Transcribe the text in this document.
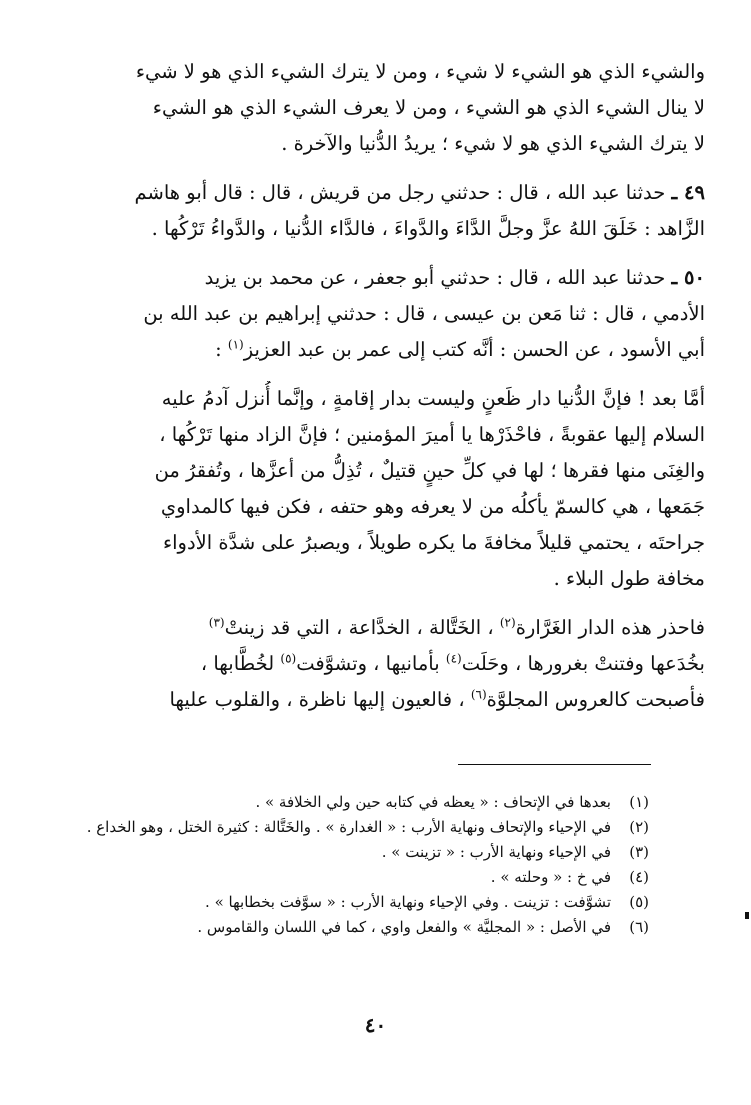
والشيء الذي هو الشيء لا شيء ، ومن لا يترك الشيء الذي هو لا شيء
لا ينال الشيء الذي هو الشيء ، ومن لا يعرف الشيء الذي هو الشيء
لا يترك الشيء الذي هو لا شيء ؛ يريدُ الدُّنيا والآخرة .
٤٩ ـ حدثنا عبد الله ، قال : حدثني رجل من قريش ، قال : قال أبو هاشم
الزَّاهد : خَلَقَ اللهُ عزَّ وجلَّ الدَّاءَ والدَّواءَ ، فالدَّاء الدُّنيا ، والدَّواءُ تَرْكُها .
٥٠ ـ حدثنا عبد الله ، قال : حدثني أبو جعفر ، عن محمد بن يزيد
الأدمي ، قال : ثنا مَعن بن عيسى ، قال : حدثني إبراهيم بن عبد الله بن
أبي الأسود ، عن الحسن : أنَّه كتب إلى عمر بن عبد العزيز$^{(١)}$ :
أمَّا بعد ! فإنَّ الدُّنيا دار ظَعنٍ وليست بدار إقامةٍ ، وإنَّما أُنزل آدمُ عليه
السلام إليها عقوبةً ، فاحْذَرْها يا أميرَ المؤمنين ؛ فإنَّ الزاد منها تَرْكُها ،
والغِنَى منها فقرها ؛ لها في كلِّ حينٍ قتيلٌ ، تُذِلُّ من أعزَّها ، وتُفقرُ من
جَمَعها ، هي كالسمّ يأكلُه من لا يعرفه وهو حتفه ، فكن فيها كالمداوي
جراحتَه ، يحتمي قليلاً مخافةَ ما يكره طويلاً ، ويصبرُ على شدَّة الأدواء
مخافة طول البلاء .
فاحذر هذه الدار الغَرَّارة$^{(٢)}$ ، الخَتَّالة ، الخدَّاعة ، التي قد زينتْ$^{(٣)}$
بخُدَعها وفتنتْ بغرورها ، وحَلَت$^{(٤)}$ بأمانيها ، وتشوَّفت$^{(٥)}$ لخُطَّابها ،
فأصبحت كالعروس المجلوَّة$^{(٦)}$ ، فالعيون إليها ناظرة ، والقلوب عليها
(١)
بعدها في الإتحاف : « يعظه في كتابه حين ولي الخلافة » .
(٢)
في الإحياء والإتحاف ونهاية الأرب : « الغدارة » . والخَتَّالة : كثيرة الختل ، وهو الخداع .
(٣)
في الإحياء ونهاية الأرب : « تزينت » .
(٤)
في خ : « وحلته » .
(٥)
تشوَّفت : تزينت . وفي الإحياء ونهاية الأرب : « سوَّفت بخطابها » .
(٦)
في الأصل : « المجليَّة » والفعل واوي ، كما في اللسان والقاموس .
٤٠
